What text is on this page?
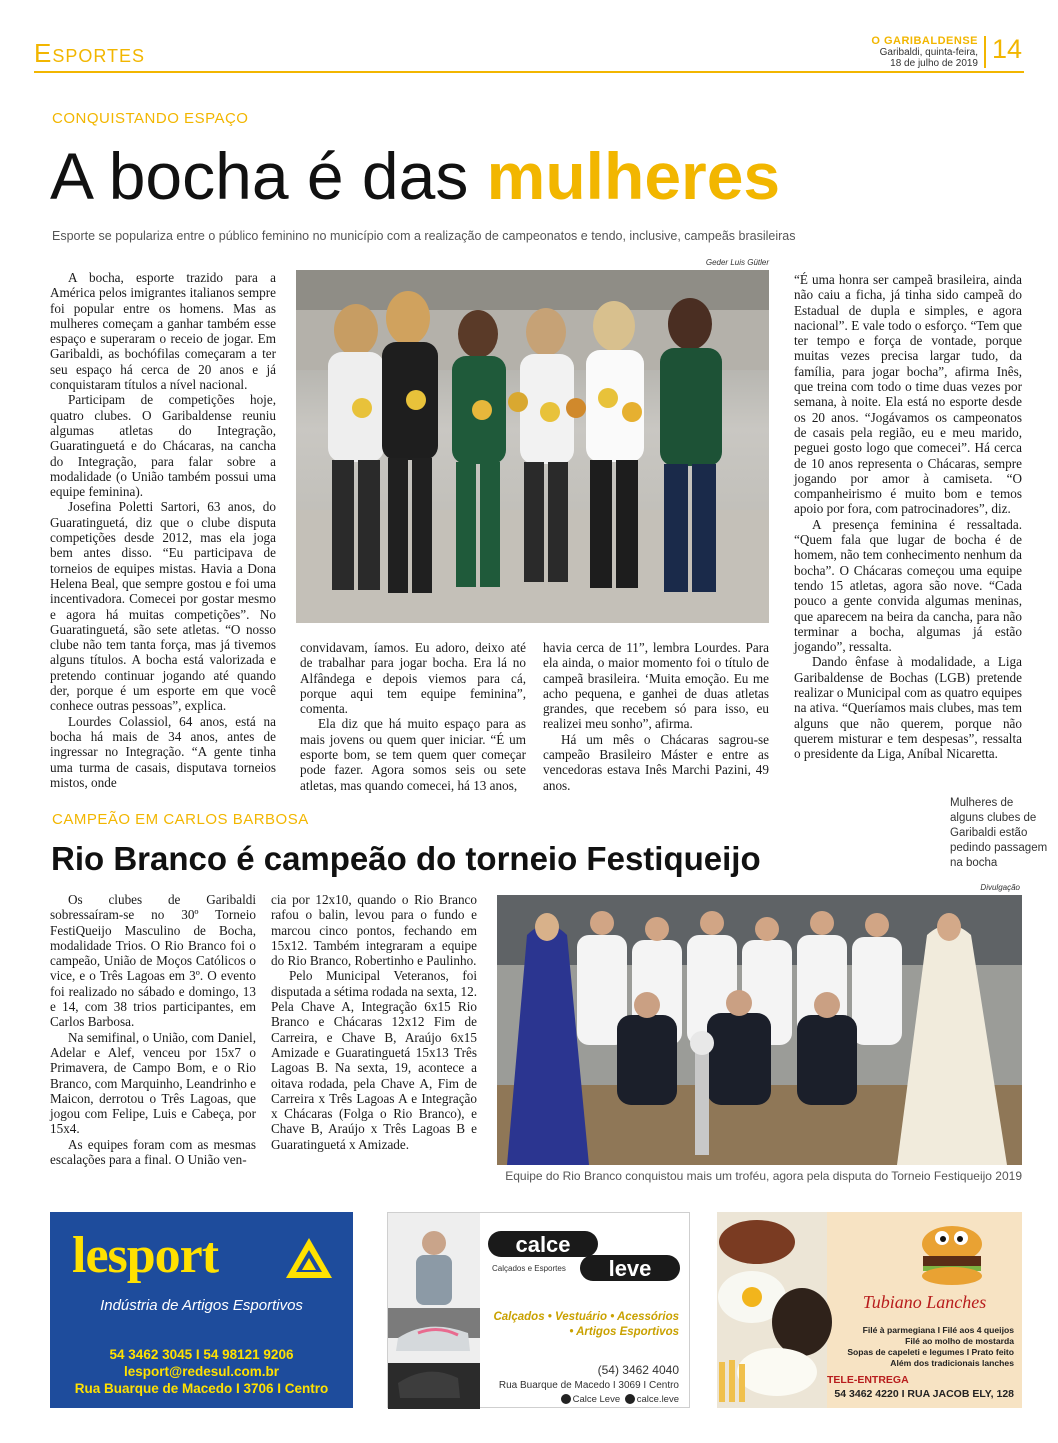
Esportes	O GARIBALDENSE
Garibaldi, quinta-feira,
18 de julho de 2019 14
CONQUISTANDO ESPAÇO
A bocha é das mulheres
Esporte se populariza entre o público feminino no município com a realização de campeonatos e tendo, inclusive, campeãs brasileiras

A bocha, esporte trazido para a América pelos imigrantes italianos sempre foi popular entre os homens. Mas as mulheres começam a ganhar também esse espaço e superaram o receio de jogar. Em Garibaldi, as bochófilas começaram a ter seu espaço há cerca de 20 anos e já conquistaram títulos a nível nacional.

Participam de competições hoje, quatro clubes. O Garibaldense reuniu algumas atletas do Integração, Guaratinguetá e do Chácaras, na cancha do Integração, para falar sobre a modalidade (o União também possui uma equipe feminina).

Josefina Poletti Sartori, 63 anos, do Guaratinguetá, diz que o clube disputa competições desde 2012, mas ela joga bem antes disso. “Eu participava de torneios de equipes mistas. Havia a Dona Helena Beal, que sempre gostou e foi uma incentivadora. Comecei por gostar mesmo e agora há muitas competições”. No Guaratinguetá, são sete atletas. “O nosso clube não tem tanta força, mas já tivemos alguns títulos. A bocha está valorizada e pretendo continuar jogando até quando der, porque é um esporte em que você conhece outras pessoas”, explica.

Lourdes Colassiol, 64 anos, está na bocha há mais de 34 anos, antes de ingressar no Integração. “A gente tinha uma turma de casais, disputava torneios mistos, onde

Geder Luis Gütler
Mulheres de alguns clubes de Garibaldi estão pedindo passagem na bocha

convidavam, íamos. Eu adoro, deixo até de trabalhar para jogar bocha. Era lá no Alfândega e depois viemos para cá, porque aqui tem equipe feminina”, comenta.

Ela diz que há muito espaço para as mais jovens ou quem quer iniciar. “É um esporte bom, se tem quem quer começar pode fazer. Agora somos seis ou sete atletas, mas quando comecei, há 13 anos,

havia cerca de 11”, lembra Lourdes. Para ela ainda, o maior momento foi o título de campeã brasileira. ‘Muita emoção. Eu me acho pequena, e ganhei de duas atletas grandes, que recebem só para isso, eu realizei meu sonho”, afirma.

Há um mês o Chácaras sagrou-se campeão Brasileiro Máster e entre as vencedoras estava Inês Marchi Pazini, 49 anos.

“É uma honra ser campeã brasileira, ainda não caiu a ficha, já tinha sido campeã do Estadual de dupla e simples, e agora nacional”. E vale todo o esforço. “Tem que ter tempo e força de vontade, porque muitas vezes precisa largar tudo, da família, para jogar bocha”, afirma Inês, que treina com todo o time duas vezes por semana, à noite. Ela está no esporte desde os 20 anos. “Jogávamos os campeonatos de casais pela região, eu e meu marido, peguei gosto logo que comecei”. Há cerca de 10 anos representa o Chácaras, sempre jogando por amor à camiseta. “O companheirismo é muito bom e temos apoio por fora, com patrocinadores”, diz.

A presença feminina é ressaltada. “Quem fala que lugar de bocha é de homem, não tem conhecimento nenhum da bocha”. O Chácaras começou uma equipe tendo 15 atletas, agora são nove. “Cada pouco a gente convida algumas meninas, que aparecem na beira da cancha, para não terminar a bocha, algumas já estão jogando”, ressalta.

Dando ênfase à modalidade, a Liga Garibaldense de Bochas (LGB) pretende realizar o Municipal com as quatro equipes na ativa. “Queríamos mais clubes, mas tem alguns que não querem, porque não querem misturar e tem despesas”, ressalta o presidente da Liga, Aníbal Nicaretta.

CAMPEÃO EM CARLOS BARBOSA
Rio Branco é campeão do torneio Festiqueijo

Os clubes de Garibaldi sobressaíram-se no 30º Torneio FestiQueijo Masculino de Bocha, modalidade Trios. O Rio Branco foi o campeão, União de Moços Católicos o vice, e o Três Lagoas em 3º. O evento foi realizado no sábado e domingo, 13 e 14, com 38 trios participantes, em Carlos Barbosa.

Na semifinal, o União, com Daniel, Adelar e Alef, venceu por 15x7 o Primavera, de Campo Bom, e o Rio Branco, com Marquinho, Leandrinho e Maicon, derrotou o Três Lagoas, que jogou com Felipe, Luis e Cabeça, por 15x4.

As equipes foram com as mesmas escalações para a final. O União ven-

cia por 12x10, quando o Rio Branco rafou o balin, levou para o fundo e marcou cinco pontos, fechando em 15x12. Também integraram a equipe do Rio Branco, Robertinho e Paulinho.

Pelo Municipal Veteranos, foi disputada a sétima rodada na sexta, 12. Pela Chave A, Integração 6x15 Rio Branco e Chácaras 12x12 Fim de Carreira, e Chave B, Araújo 6x15 Amizade e Guaratinguetá 15x13 Três Lagoas B. Na sexta, 19, acontece a oitava rodada, pela Chave A, Fim de Carreira x Três Lagoas A e Integração x Chácaras (Folga o Rio Branco), e Chave B, Araújo x Três Lagoas B e Guaratinguetá x Amizade.

Divulgação
Equipe do Rio Branco conquistou mais um troféu, agora pela disputa do Torneio Festiqueijo 2019
lesport
Indústria de Artigos Esportivos
54 3462 3045 I 54 98121 9206
lesport@redesul.com.br
Rua Buarque de Macedo I 3706 I Centro
calce
leve
Calçados e Esportes
Calçados • Vestuário • Acessórios
• Artigos Esportivos
(54) 3462 4040
Rua Buarque de Macedo I 3069 I Centro
Calce Leve calce.leve
Tubiano Lanches
Filé à parmegiana I Filé aos 4 queijos
Filé ao molho de mostarda
Sopas de capeleti e legumes I Prato feito
Além dos tradicionais lanches
TELE-ENTREGA
54 3462 4220 I RUA JACOB ELY, 128
